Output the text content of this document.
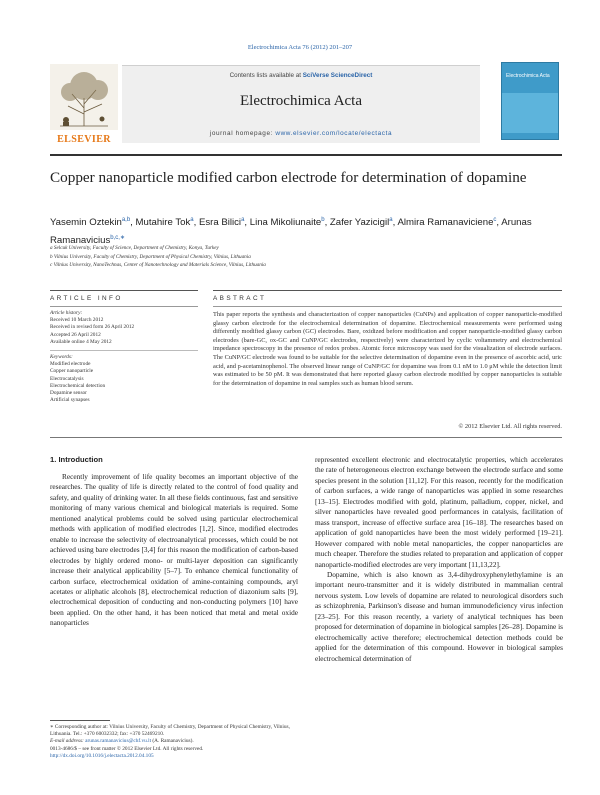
Electrochimica Acta 76 (2012) 201–207
ELSEVIER
Contents lists available at SciVerse ScienceDirect
Electrochimica Acta
journal homepage: www.elsevier.com/locate/electacta
Electrochimica Acta
Copper nanoparticle modified carbon electrode for determination of dopamine
Yasemin Oztekin$^{a,b}$, Mutahire Tok$^a$, Esra Bilici$^a$, Lina Mikoliunaite$^b$, Zafer Yazicigil$^a$, Almira Ramanaviciene$^c$, Arunas Ramanavicius$^{b,c,∗}$
a Selcuk University, Faculty of Science, Department of Chemistry, Konya, Turkey
b Vilnius University, Faculty of Chemistry, Department of Physical Chemistry, Vilnius, Lithuania
c Vilnius University, NanoTechnas, Center of Nanotechnology and Materials Science, Vilnius, Lithuania
ARTICLE INFO	ABSTRACT
Article history:
Received 10 March 2012
Received in revised form 26 April 2012
Accepted 26 April 2012
Available online 4 May 2012
Keywords:
Modified electrode
Copper nanoparticle
Electrocatalysis
Electrochemical detection
Dopamine sensor
Artificial synapses
This paper reports the synthesis and characterization of copper nanoparticles (CuNPs) and application of copper nanoparticle-modified glassy carbon electrode for the electrochemical determination of dopamine. Electrochemical measurements were performed using differently modified glassy carbon (GC) electrodes. Bare, oxidized before modification and copper nanoparticle-modified glassy carbon electrodes (bare-GC, ox-GC and CuNP/GC electrodes, respectively) were characterized by cyclic voltammetry and electrochemical impedance spectroscopy in the presence of redox probes. Atomic force microscopy was used for the visualization of electrode surfaces. The CuNP/GC electrode was found to be suitable for the selective determination of dopamine even in the presence of ascorbic acid, uric acid, and p-acetaminophenol. The observed linear range of CuNP/GC for dopamine was from 0.1 nM to 1.0 μM while the detection limit was estimated to be 50 pM. It was demonstrated that here reported glassy carbon electrode modified by copper nanoparticles is suitable for the determination of dopamine in real samples such as human blood serum.
© 2012 Elsevier Ltd. All rights reserved.
1. Introduction
Recently improvement of life quality becomes an important objective of the researches. The quality of life is directly related to the control of food quality and safety, and quality of drinking water. In all these fields continuous, fast and sensitive monitoring of many various chemical and biological materials is required. Some mentioned analytical problems could be solved using particular electrochemical methods with application of modified electrodes [1,2]. Since, modified electrodes enable to increase the selectivity of electroanalytical processes, which could be not achieved using bare electrodes [3,4] for this reason the modification of carbon-based electrodes by highly ordered mono- or multi-layer deposition can significantly increase their analytical applicability [5–7]. To enhance chemical functionality of carbon surface, electrochemical oxidation of amine-containing compounds, aryl acetates or aliphatic alcohols [8], electrochemical reduction of diazonium salts [9], electrochemical deposition of conducting and non-conducting polymers [10] have been applied. On the other hand, it has been noticed that metal and metal oxide nanoparticles

represented excellent electronic and electrocatalytic properties, which accelerates the rate of heterogeneous electron exchange between the electrode surface and some species present in the solution [11,12]. For this reason, recently for the modification of carbon surfaces, a wide range of nanoparticles was applied in some researches [13–15]. Electrodes modified with gold, platinum, palladium, copper, nickel, and silver nanoparticles have revealed good performances in catalysis, facilitation of mass transport, increase of effective surface area [16–18]. The researches based on application of gold nanoparticles have been the most widely performed [19–21]. However compared with noble metal nanoparticles, the copper nanoparticles are much cheaper. Therefore the studies related to preparation and application of copper nanoparticle-modified electrodes are very important [11,13,22].

Dopamine, which is also known as 3,4-dihydroxyphenylethylamine is an important neuro-transmitter and it is widely distributed in mammalian central nervous system. Low levels of dopamine are related to neurological disorders such as schizophrenia, Parkinson's disease and human immunodeficiency virus infection [23–25]. For this reason recently, a variety of analytical techniques has been proposed for determination of dopamine in biological samples [26–28]. Dopamine is electrochemically active therefore; electrochemical detection methods could be applied for the determination of this compound. However in biological samples electrochemical determination of

∗ Corresponding author at: Vilnius University, Faculty of Chemistry, Department of Physical Chemistry, Vilnius, Lithuania. Tel.: +370 60032332; fax: +370 52469210.
E-mail address: arunas.ramanavicius@chf.vu.lt (A. Ramanavicius).
0013-4686/$ – see front matter © 2012 Elsevier Ltd. All rights reserved.
http://dx.doi.org/10.1016/j.electacta.2012.04.105
